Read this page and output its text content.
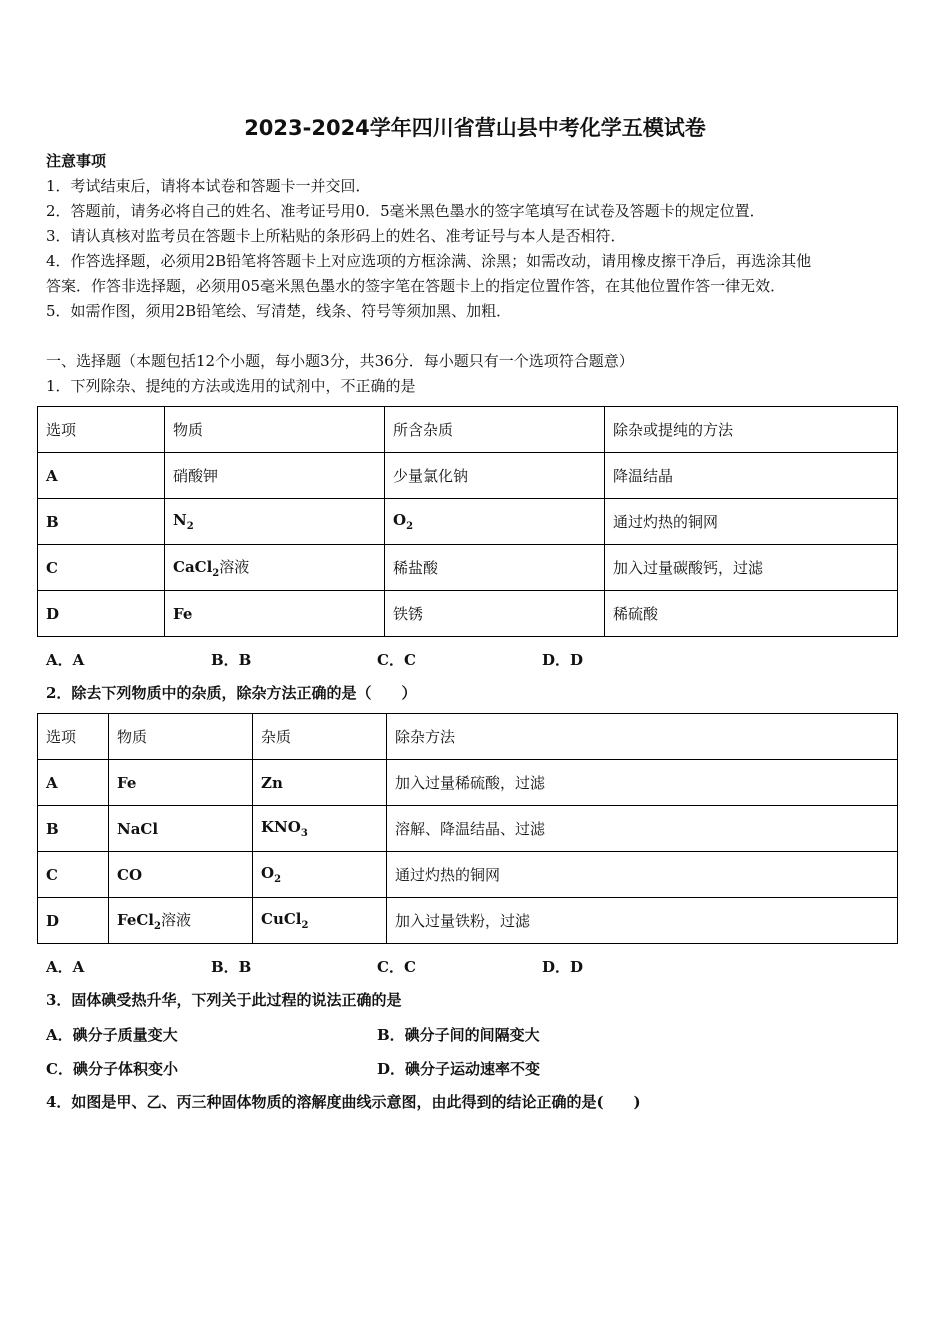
2023-2024学年四川省营山县中考化学五模试卷
注意事项
1．考试结束后，请将本试卷和答题卡一并交回．
2．答题前，请务必将自己的姓名、准考证号用0．5毫米黑色墨水的签字笔填写在试卷及答题卡的规定位置．
3．请认真核对监考员在答题卡上所粘贴的条形码上的姓名、准考证号与本人是否相符．
4．作答选择题，必须用2B铅笔将答题卡上对应选项的方框涂满、涂黑；如需改动，请用橡皮擦干净后，再选涂其他
答案．作答非选择题，必须用05毫米黑色墨水的签字笔在答题卡上的指定位置作答，在其他位置作答一律无效．
5．如需作图，须用2B铅笔绘、写清楚，线条、符号等须加黑、加粗．
一、选择题（本题包括12个小题，每小题3分，共36分．每小题只有一个选项符合题意）
1．下列除杂、提纯的方法或选用的试剂中，不正确的是
选项	物质	所含杂质	除杂或提纯的方法
A	硝酸钾	少量氯化钠	降温结晶
B	$N_2$	$O_2$	通过灼热的铜网
C	CaCl$_2$溶液	稀盐酸	加入过量碳酸钙，过滤
D	Fe	铁锈	稀硫酸
A．A	B．B	C．C	D．D
2．除去下列物质中的杂质，除杂方法正确的是（　　）
选项	物质	杂质	除杂方法
A	Fe	Zn	加入过量稀硫酸，过滤
B	NaCl	$KNO_3$	溶解、降温结晶、过滤
C	CO	$O_2$	通过灼热的铜网
D	FeCl$_2$溶液	CuCl$_2$	加入过量铁粉，过滤
A．A	B．B	C．C	D．D
3．固体碘受热升华，下列关于此过程的说法正确的是
A．碘分子质量变大	B．碘分子间的间隔变大
C．碘分子体积变小	D．碘分子运动速率不变
4．如图是甲、乙、丙三种固体物质的溶解度曲线示意图，由此得到的结论正确的是(　　)
